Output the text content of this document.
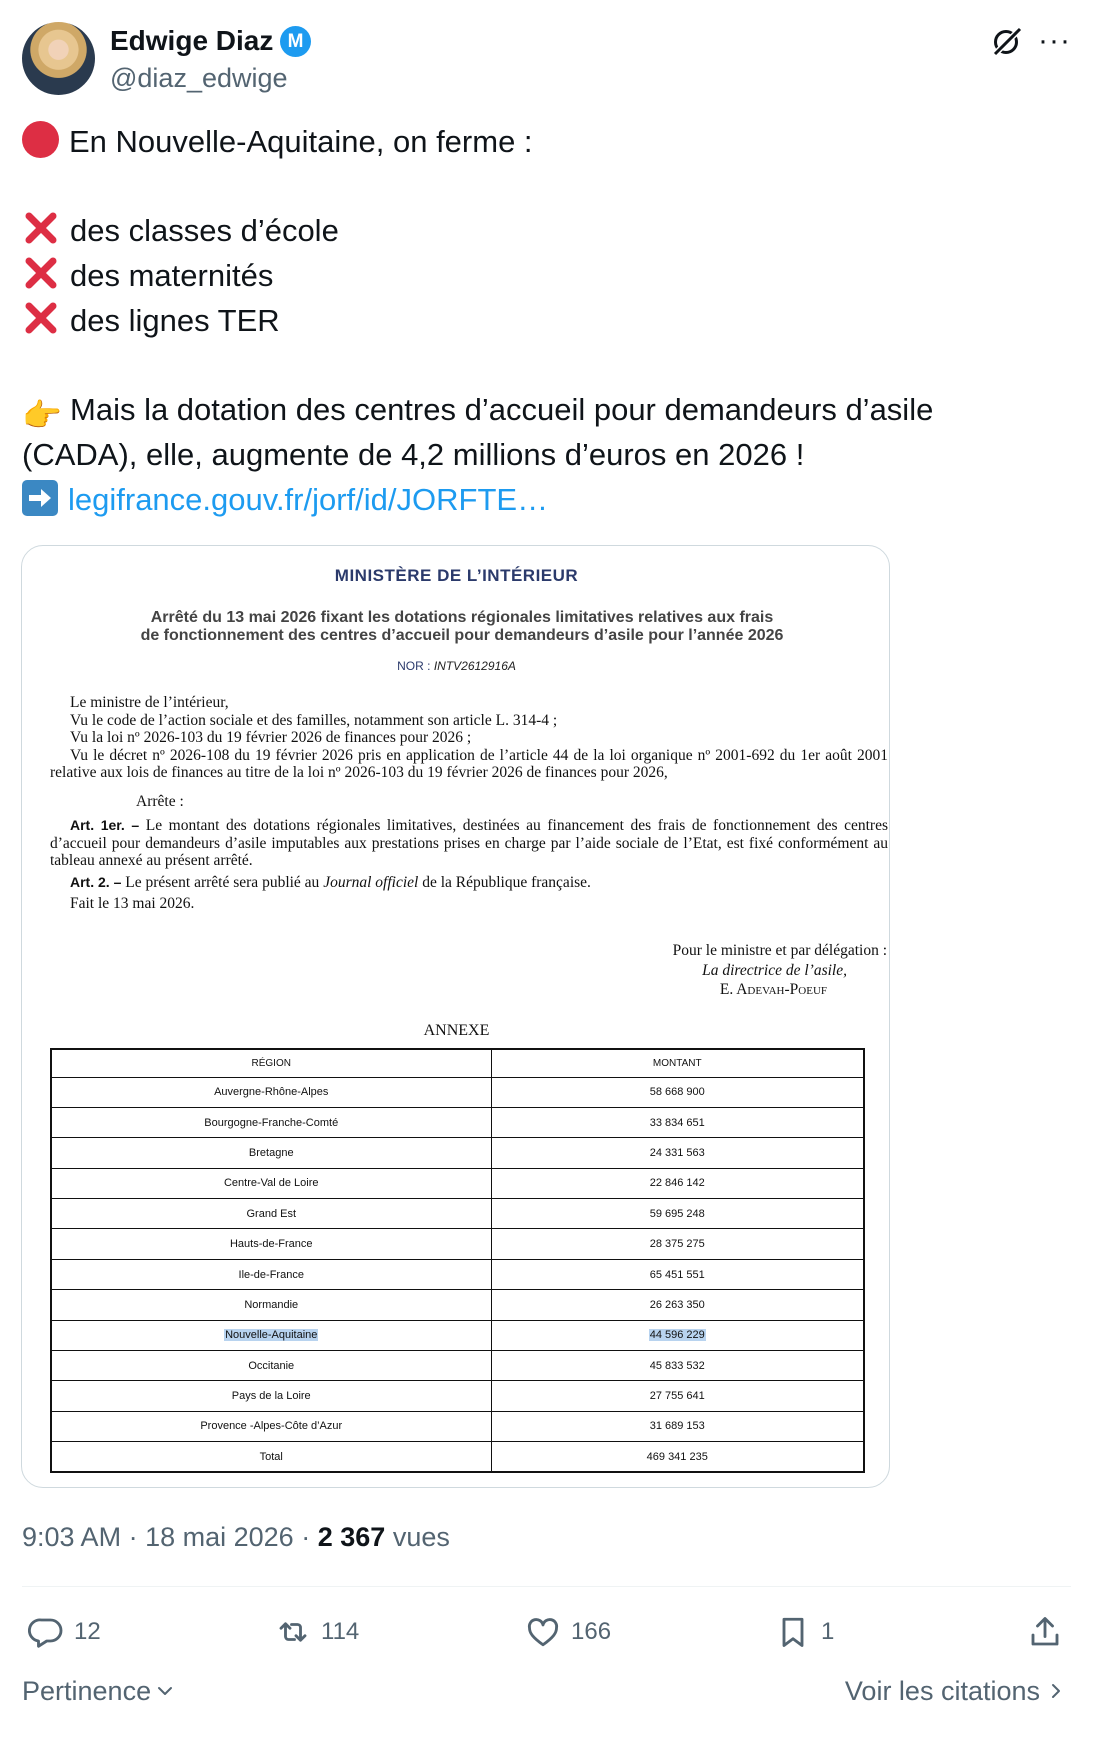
Edwige Diaz M
@diaz_edwige
···
En Nouvelle-Aquitaine, on ferme :
des classes d’école
des maternités
des lignes TER
👉 Mais la dotation des centres d’accueil pour demandeurs d’asile
(CADA), elle, augmente de 4,2 millions d’euros en 2026 !
legifrance.gouv.fr/jorf/id/JORFTE…
MINISTÈRE DE L’INTÉRIEUR
Arrêté du 13 mai 2026 fixant les dotations régionales limitatives relatives aux frais
de fonctionnement des centres d’accueil pour demandeurs d’asile pour l’année 2026
NOR : INTV2612916A

Le ministre de l’intérieur,

Vu le code de l’action sociale et des familles, notamment son article L. 314-4 ;

Vu la loi nº 2026-103 du 19 février 2026 de finances pour 2026 ;

Vu le décret nº 2026-108 du 19 février 2026 pris en application de l’article 44 de la loi organique nº 2001-692 du 1er août 2001 relative aux lois de finances au titre de la loi nº 2026-103 du 19 février 2026 de finances pour 2026,

Arrête :

Art. 1er. – Le montant des dotations régionales limitatives, destinées au financement des frais de fonctionnement des centres d’accueil pour demandeurs d’asile imputables aux prestations prises en charge par l’aide sociale de l’Etat, est fixé conformément au tableau annexé au présent arrêté.

Art. 2. – Le présent arrêté sera publié au Journal officiel de la République française.

Fait le 13 mai 2026.

Pour le ministre et par délégation :
La directrice de l’asile,
E. Adevah-Poeuf
ANNEXE
RÉGION	MONTANT
Auvergne-Rhône-Alpes	58 668 900
Bourgogne-Franche-Comté	33 834 651
Bretagne	24 331 563
Centre-Val de Loire	22 846 142
Grand Est	59 695 248
Hauts-de-France	28 375 275
Ile-de-France	65 451 551
Normandie	26 263 350
Nouvelle-Aquitaine	44 596 229
Occitanie	45 833 532
Pays de la Loire	27 755 641
Provence -Alpes-Côte d’Azur	31 689 153
Total	469 341 235
9:03 AM · 18 mai 2026 · 2 367 vues
12	114	166	1
Pertinence	Voir les citations
